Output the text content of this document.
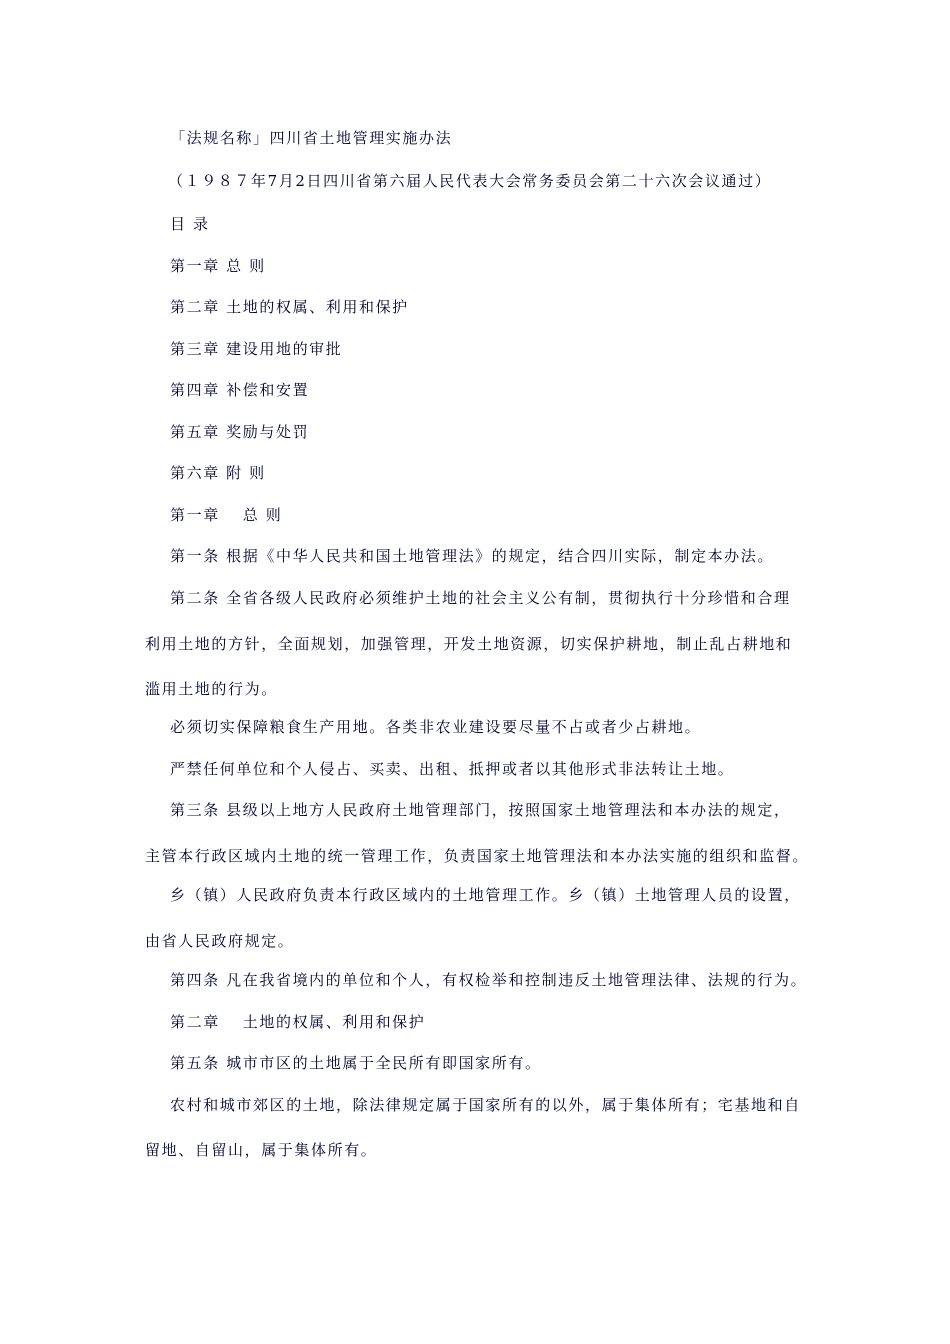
「法规名称」四川省土地管理实施办法
（１９８７年7月2日四川省第六届人民代表大会常务委员会第二十六次会议通过）
目 录
第一章 总 则
第二章 土地的权属、利用和保护
第三章 建设用地的审批
第四章 补偿和安置
第五章 奖励与处罚
第六章 附 则
第一章　 总 则
第一条 根据《中华人民共和国土地管理法》的规定，结合四川实际，制定本办法。
第二条 全省各级人民政府必须维护土地的社会主义公有制，贯彻执行十分珍惜和合理
利用土地的方针，全面规划，加强管理，开发土地资源，切实保护耕地，制止乱占耕地和
滥用土地的行为。
必须切实保障粮食生产用地。各类非农业建设要尽量不占或者少占耕地。
严禁任何单位和个人侵占、买卖、出租、抵押或者以其他形式非法转让土地。
第三条 县级以上地方人民政府土地管理部门，按照国家土地管理法和本办法的规定，
主管本行政区域内土地的统一管理工作，负责国家土地管理法和本办法实施的组织和监督。
乡（镇）人民政府负责本行政区域内的土地管理工作。乡（镇）土地管理人员的设置，
由省人民政府规定。
第四条 凡在我省境内的单位和个人，有权检举和控制违反土地管理法律、法规的行为。
第二章　 土地的权属、利用和保护
第五条 城市市区的土地属于全民所有即国家所有。
农村和城市郊区的土地，除法律规定属于国家所有的以外，属于集体所有；宅基地和自
留地、自留山，属于集体所有。
